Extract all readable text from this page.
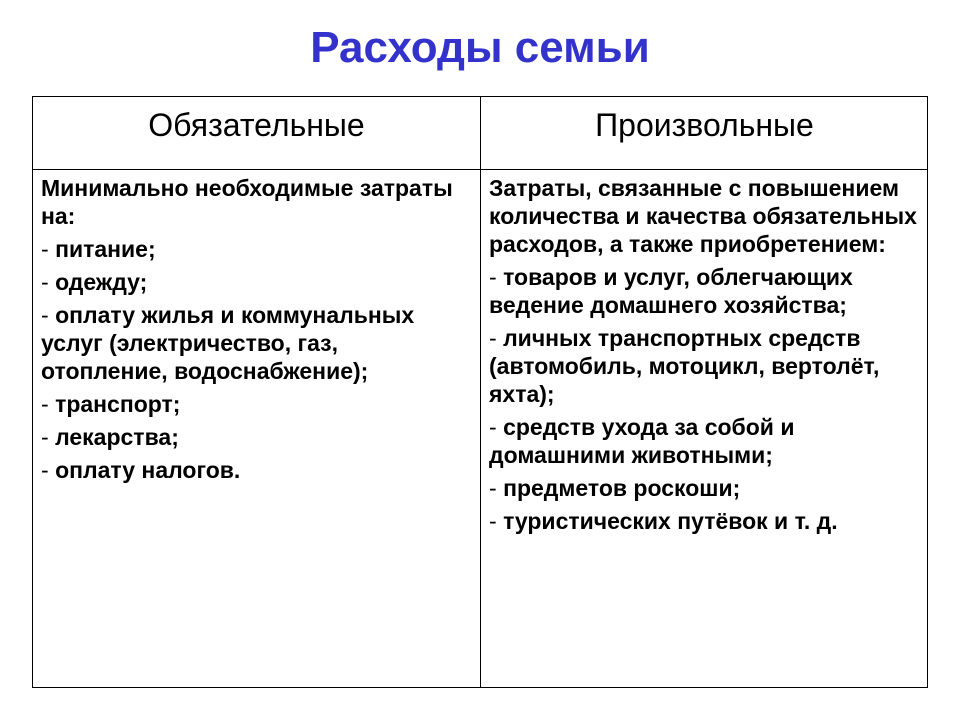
Расходы семьи
Обязательные	Произвольные
Минимально необходимые затраты на:
- питание;
- одежду;
- оплату жилья и коммунальных услуг (электричество, газ, отопление, водоснабжение);
- транспорт;
- лекарства;
- оплату налогов.
Затраты, связанные с повышением количества и качества обязательных расходов, а также приобретением:
- товаров и услуг, облегчающих ведение домашнего хозяйства;
- личных транспортных средств (автомобиль, мотоцикл, вертолёт, яхта);
- средств ухода за собой и домашними животными;
- предметов роскоши;
- туристических путёвок и т. д.
